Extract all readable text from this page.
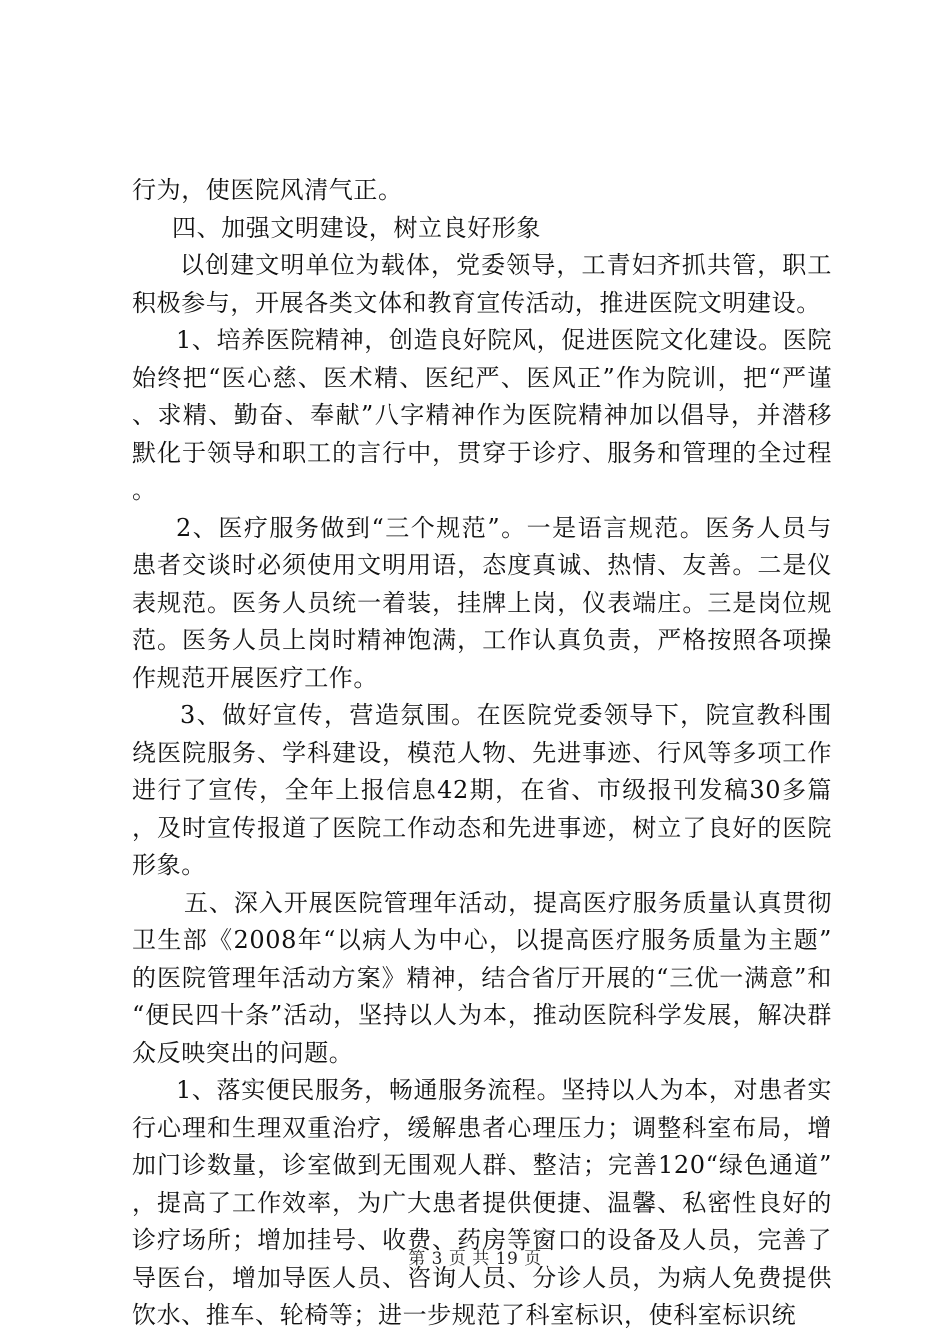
行为，使医院风清气正。

四、加强文明建设，树立良好形象

以创建文明单位为载体，党委领导，工青妇齐抓共管，职工积极参与，开展各类文体和教育宣传活动，推进医院文明建设。

1、培养医院精神，创造良好院风，促进医院文化建设。医院始终把“医心慈、医术精、医纪严、医风正”作为院训，把“严谨、求精、勤奋、奉献”八字精神作为医院精神加以倡导，并潜移默化于领导和职工的言行中，贯穿于诊疗、服务和管理的全过程。

2、医疗服务做到“三个规范”。一是语言规范。医务人员与患者交谈时必须使用文明用语，态度真诚、热情、友善。二是仪表规范。医务人员统一着装，挂牌上岗，仪表端庄。三是岗位规范。医务人员上岗时精神饱满，工作认真负责，严格按照各项操作规范开展医疗工作。

3、做好宣传，营造氛围。在医院党委领导下，院宣教科围绕医院服务、学科建设，模范人物、先进事迹、行风等多项工作进行了宣传，全年上报信息42期，在省、市级报刊发稿30多篇，及时宣传报道了医院工作动态和先进事迹，树立了良好的医院形象。

五、深入开展医院管理年活动，提高医疗服务质量认真贯彻卫生部《2008年“以病人为中心，以提高医疗服务质量为主题”的医院管理年活动方案》精神，结合省厅开展的“三优一满意”和“便民四十条”活动，坚持以人为本，推动医院科学发展，解决群众反映突出的问题。

1、落实便民服务，畅通服务流程。坚持以人为本，对患者实行心理和生理双重治疗，缓解患者心理压力；调整科室布局，增加门诊数量，诊室做到无围观人群、整洁；完善120“绿色通道”，提高了工作效率，为广大患者提供便捷、温馨、私密性良好的诊疗场所；增加挂号、收费、药房等窗口的设备及人员，完善了导医台，增加导医人员、咨询人员、分诊人员，为病人免费提供饮水、推车、轮椅等；进一步规范了科室标识，使科室标识统

第 3 页 共 19 页
